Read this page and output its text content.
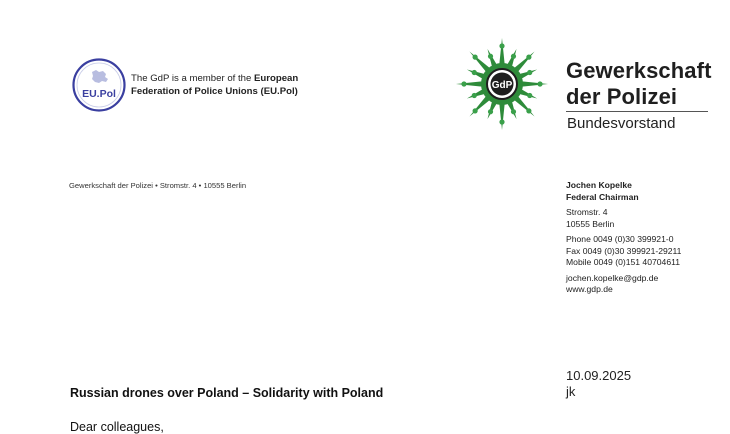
EU.Pol
The GdP is a member of the European
Federation of Police Unions (EU.Pol)
GdP
Gewerkschaft
der Polizei
Bundesvorstand
Gewerkschaft der Polizei • Stromstr. 4 • 10555 Berlin	Jochen Kopelke
Federal Chairman
Stromstr. 4
10555 Berlin
Phone 0049 (0)30 399921-0
Fax 0049 (0)30 399921-29211
Mobile 0049 (0)151 40704611
jochen.kopelke@gdp.de
www.gdp.de
10.09.2025
jk
Russian drones over Poland – Solidarity with Poland
Dear colleagues,
